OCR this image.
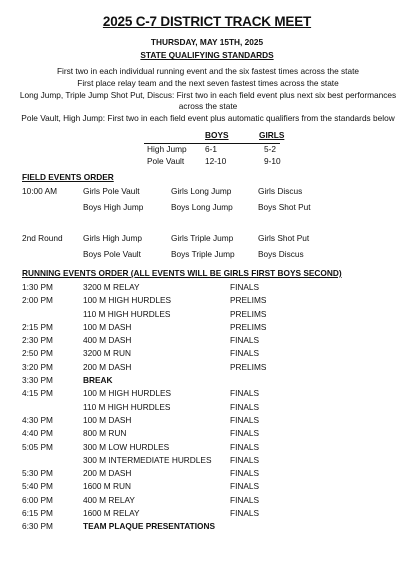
2025 C-7 DISTRICT TRACK MEET
THURSDAY, MAY 15TH, 2025
STATE QUALIFYING STANDARDS
First two in each individual running event and the six fastest times across the state
First place relay team and the next seven fastest times across the state
Long Jump, Triple Jump Shot Put, Discus: First two in each field event plus next six best performances across the state
Pole Vault, High Jump: First two in each field event plus automatic qualifiers from the standards below
BOYS	GIRLS
High Jump 6-1	5-2
Pole Vault	12-10	9-10
FIELD EVENTS ORDER
10:00 AM	Girls Pole Vault	Girls Long Jump	Girls Discus
Boys High Jump	Boys Long Jump	Boys Shot Put
2nd Round Girls High Jump	Girls Triple Jump	Girls Shot Put
Boys Pole Vault	Boys Triple Jump	Boys Discus
RUNNING EVENTS ORDER (ALL EVENTS WILL BE GIRLS FIRST BOYS SECOND)
1:30 PM	3200 M RELAY	FINALS
2:00 PM	100 M HIGH HURDLES	PRELIMS
110 M HIGH HURDLES	PRELIMS
2:15 PM	100 M DASH	PRELIMS
2:30 PM	400 M DASH	FINALS
2:50 PM	3200 M RUN	FINALS
3:20 PM	200 M DASH	PRELIMS
3:30 PM	BREAK
4:15 PM	100 M HIGH HURDLES	FINALS
110 M HIGH HURDLES	FINALS
4:30 PM	100 M DASH	FINALS
4:40 PM	800 M RUN	FINALS
5:05 PM	300 M LOW HURDLES	FINALS
300 M INTERMEDIATE HURDLES FINALS
5:30 PM	200 M DASH	FINALS
5:40 PM	1600 M RUN	FINALS
6:00 PM	400 M RELAY	FINALS
6:15 PM	1600 M RELAY	FINALS
6:30 PM	TEAM PLAQUE PRESENTATIONS
